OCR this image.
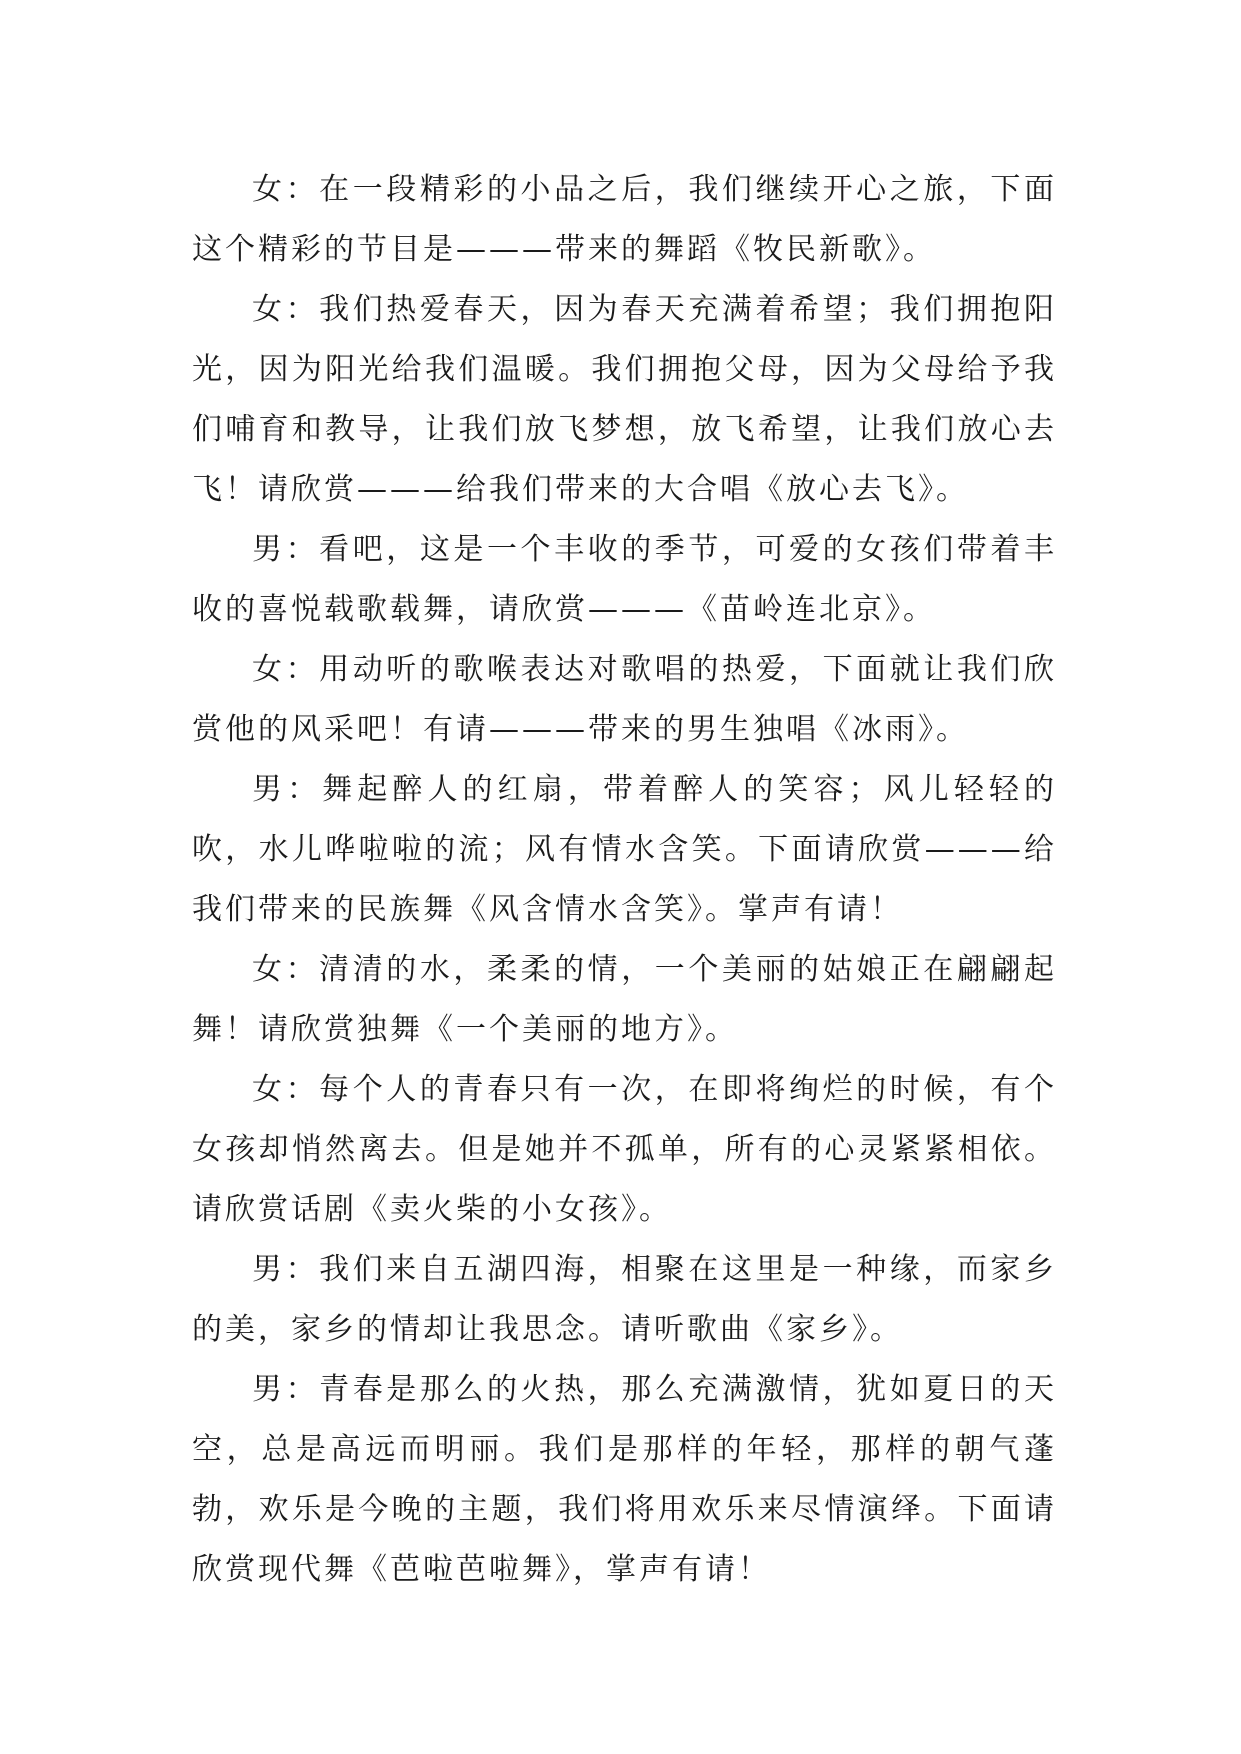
女：在一段精彩的小品之后，我们继续开心之旅，下面这个精彩的节目是———带来的舞蹈《牧民新歌》。

女：我们热爱春天，因为春天充满着希望；我们拥抱阳光，因为阳光给我们温暖。我们拥抱父母，因为父母给予我们哺育和教导，让我们放飞梦想，放飞希望，让我们放心去飞！请欣赏———给我们带来的大合唱《放心去飞》。

男：看吧，这是一个丰收的季节，可爱的女孩们带着丰收的喜悦载歌载舞，请欣赏———《苗岭连北京》。

女：用动听的歌喉表达对歌唱的热爱，下面就让我们欣赏他的风采吧！有请———带来的男生独唱《冰雨》。

男：舞起醉人的红扇，带着醉人的笑容；风儿轻轻的吹，水儿哗啦啦的流；风有情水含笑。下面请欣赏———给我们带来的民族舞《风含情水含笑》。掌声有请！

女：清清的水，柔柔的情，一个美丽的姑娘正在翩翩起舞！请欣赏独舞《一个美丽的地方》。

女：每个人的青春只有一次，在即将绚烂的时候，有个女孩却悄然离去。但是她并不孤单，所有的心灵紧紧相依。请欣赏话剧《卖火柴的小女孩》。

男：我们来自五湖四海，相聚在这里是一种缘，而家乡的美，家乡的情却让我思念。请听歌曲《家乡》。

男：青春是那么的火热，那么充满激情，犹如夏日的天空，总是高远而明丽。我们是那样的年轻，那样的朝气蓬勃，欢乐是今晚的主题，我们将用欢乐来尽情演绎。下面请欣赏现代舞《芭啦芭啦舞》，掌声有请！
